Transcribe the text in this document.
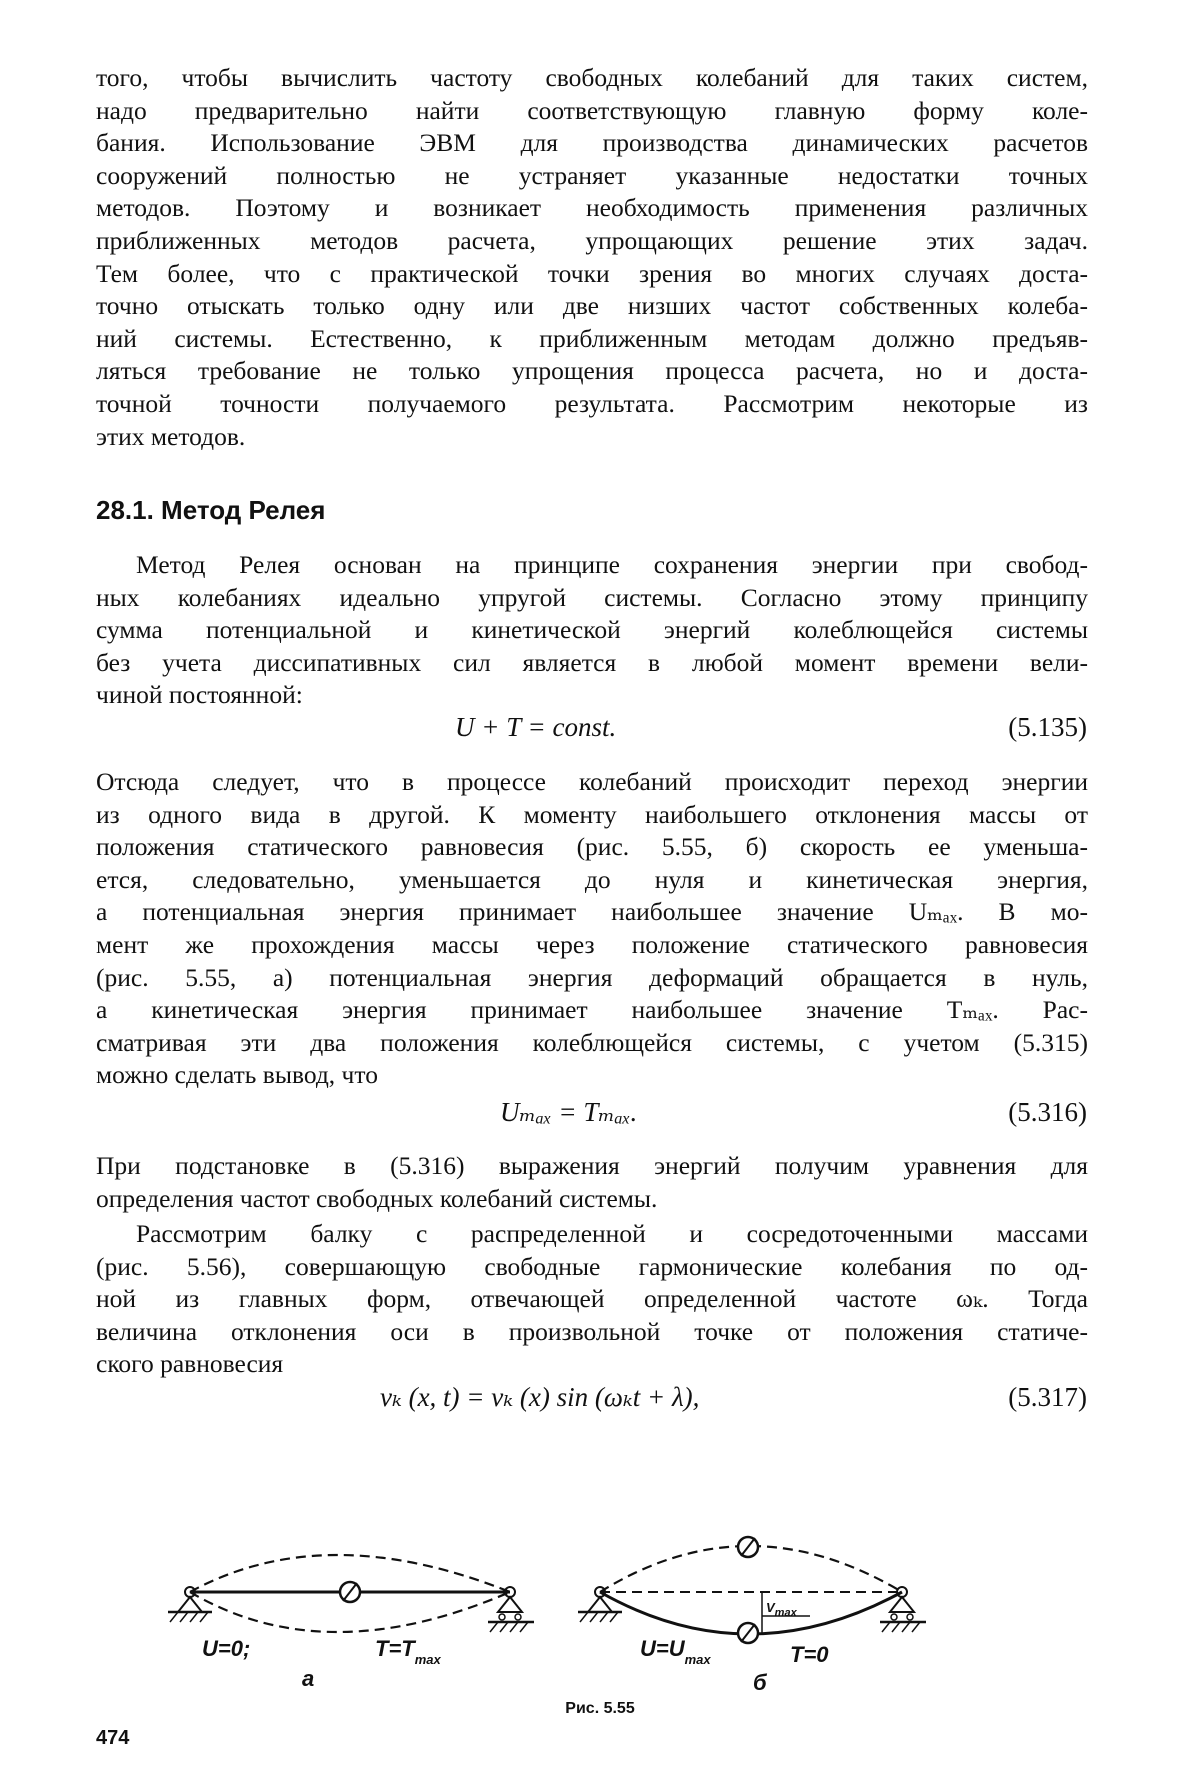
того, чтобы вычислить частоту свободных колебаний для таких систем,
надо предварительно найти соответствующую главную форму коле-
бания. Использование ЭВМ для производства динамических расчетов
сооружений полностью не устраняет указанные недостатки точных
методов. Поэтому и возникает необходимость применения различных
приближенных методов расчета, упрощающих решение этих задач.
Тем более, что с практической точки зрения во многих случаях доста-
точно отыскать только одну или две низших частот собственных колеба-
ний системы. Естественно, к приближенным методам должно предъяв-
ляться требование не только упрощения процесса расчета, но и доста-
точной точности получаемого результата. Рассмотрим некоторые из
этих методов.
28.1. Метод Релея
Метод Релея основан на принципе сохранения энергии при свобод-
ных колебаниях идеально упругой системы. Согласно этому принципу
сумма потенциальной и кинетической энергий колеблющейся системы
без учета диссипативных сил является в любой момент времени вели-
чиной постоянной:
U + T = const.	(5.135)
Отсюда следует, что в процессе колебаний происходит переход энергии
из одного вида в другой. К моменту наибольшего отклонения массы от
положения статического равновесия (рис. 5.55, б) скорость ее уменьша-
ется, следовательно, уменьшается до нуля и кинетическая энергия,
а потенциальная энергия принимает наибольшее значение Uₘₐₓ. В мо-
мент же прохождения массы через положение статического равновесия
(рис. 5.55, а) потенциальная энергия деформаций обращается в нуль,
а кинетическая энергия принимает наибольшее значение Tₘₐₓ. Рас-
сматривая эти два положения колеблющейся системы, с учетом (5.315)
можно сделать вывод, что
Uₘₐₓ = Tₘₐₓ.	(5.316)
При подстановке в (5.316) выражения энергий получим уравнения для
определения частот свободных колебаний системы.
Рассмотрим балку с распределенной и сосредоточенными массами
(рис. 5.56), совершающую свободные гармонические колебания по од-
ной из главных форм, отвечающей определенной частоте ωₖ. Тогда
величина отклонения оси в произвольной точке от положения статиче-
ского равновесия
vₖ (x, t) = vₖ (x) sin (ωₖt + λ),	(5.317)
U=0;	$T=T_{max}$
а
$V_{max}$
$U=U_{max}$	T=0
б
Рис. 5.55
474
